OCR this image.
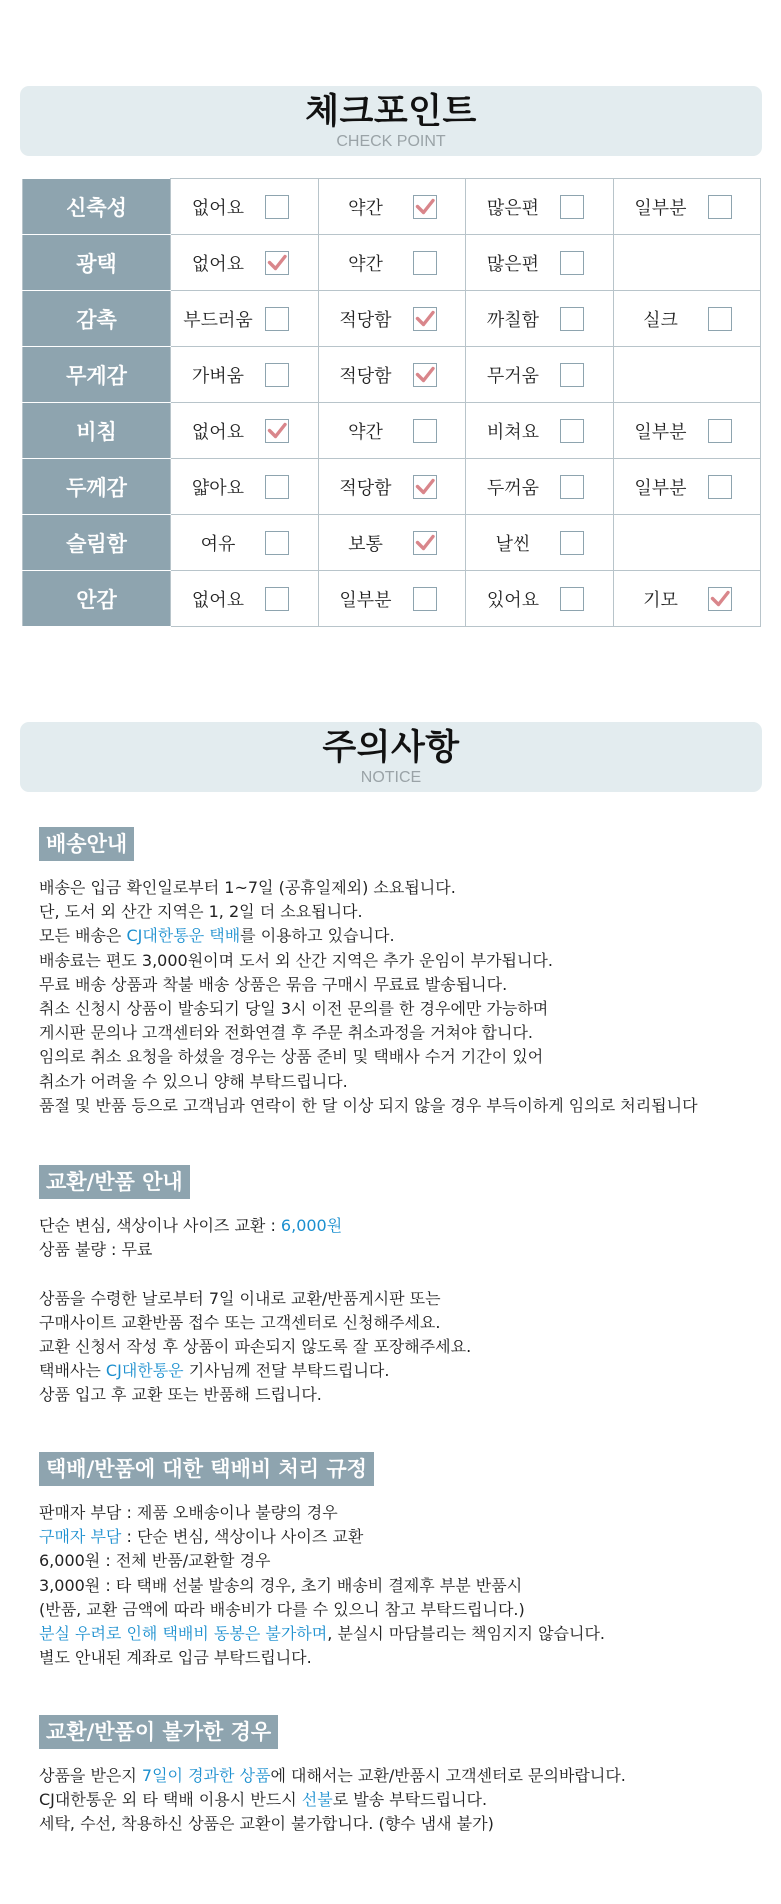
체크포인트
CHECK POINT
신축성	없어요	약간	많은편	일부분

광택	없어요	약간	많은편	

감촉	부드러움	적당함	까칠함	실크

무게감	가벼움	적당함	무거움	

비침	없어요	약간	비쳐요	일부분

두께감	얇아요	적당함	두꺼움	일부분

슬림함	여유	보통	날씬	

안감	없어요	일부분	있어요	기모
주의사항
NOTICE
배송안내

배송은 입금 확인일로부터 1~7일 (공휴일제외) 소요됩니다.

단, 도서 외 산간 지역은 1, 2일 더 소요됩니다.

모든 배송은 CJ대한통운 택배를 이용하고 있습니다.

배송료는 편도 3,000원이며 도서 외 산간 지역은 추가 운임이 부가됩니다.

무료 배송 상품과 착불 배송 상품은 묶음 구매시 무료료 발송됩니다.

취소 신청시 상품이 발송되기 당일 3시 이전 문의를 한 경우에만 가능하며

게시판 문의나 고객센터와 전화연결 후 주문 취소과정을 거쳐야 합니다.

임의로 취소 요청을 하셨을 경우는 상품 준비 및 택배사 수거 기간이 있어

취소가 어려울 수 있으니 양해 부탁드립니다.

품절 및 반품 등으로 고객님과 연락이 한 달 이상 되지 않을 경우 부득이하게 임의로 처리됩니다

교환/반품 안내

단순 변심, 색상이나 사이즈 교환 : 6,000원

상품 불량 : 무료

상품을 수령한 날로부터 7일 이내로 교환/반품게시판 또는

구매사이트 교환반품 접수 또는 고객센터로 신청해주세요.

교환 신청서 작성 후 상품이 파손되지 않도록 잘 포장해주세요.

택배사는 CJ대한통운 기사님께 전달 부탁드립니다.

상품 입고 후 교환 또는 반품해 드립니다.

택배/반품에 대한 택배비 처리 규정

판매자 부담 : 제품 오배송이나 불량의 경우

구매자 부담 : 단순 변심, 색상이나 사이즈 교환

6,000원 : 전체 반품/교환할 경우

3,000원 : 타 택배 선불 발송의 경우, 초기 배송비 결제후 부분 반품시

(반품, 교환 금액에 따라 배송비가 다를 수 있으니 참고 부탁드립니다.)

분실 우려로 인해 택배비 동봉은 불가하며, 분실시 마담블리는 책임지지 않습니다.

별도 안내된 계좌로 입금 부탁드립니다.

교환/반품이 불가한 경우

상품을 받은지 7일이 경과한 상품에 대해서는 교환/반품시 고객센터로 문의바랍니다.

CJ대한통운 외 타 택배 이용시 반드시 선불로 발송 부탁드립니다.

세탁, 수선, 착용하신 상품은 교환이 불가합니다. (향수 냄새 불가)
